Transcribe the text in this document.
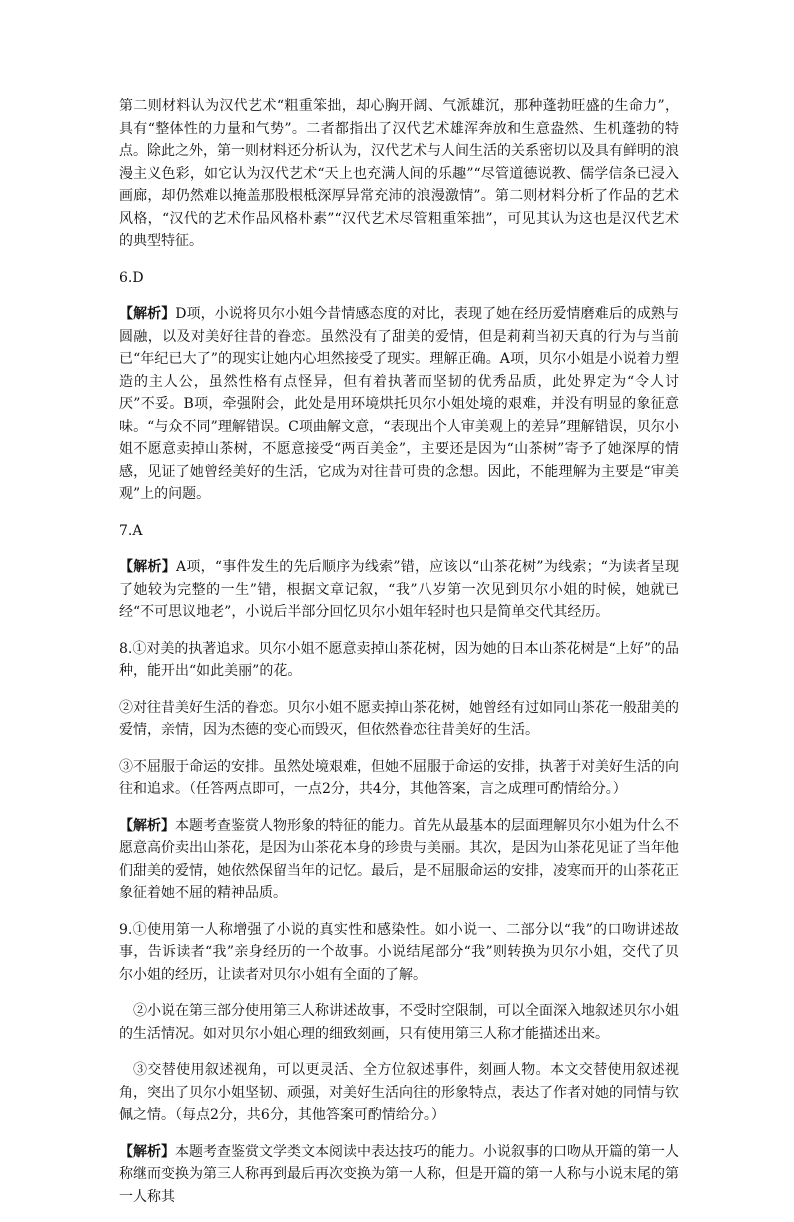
第二则材料认为汉代艺术“粗重笨拙，却心胸开阔、气派雄沉，那种蓬勃旺盛的生命力”，具有“整体性的力量和气势”。二者都指出了汉代艺术雄浑奔放和生意盎然、生机蓬勃的特点。除此之外，第一则材料还分析认为，汉代艺术与人间生活的关系密切以及具有鲜明的浪漫主义色彩，如它认为汉代艺术“天上也充满人间的乐趣”“尽管道德说教、儒学信条已浸入画廊，却仍然难以掩盖那股根柢深厚异常充沛的浪漫激情”。第二则材料分析了作品的艺术风格，“汉代的艺术作品风格朴素”“汉代艺术尽管粗重笨拙”，可见其认为这也是汉代艺术的典型特征。

6.D

【解析】D项，小说将贝尔小姐今昔情感态度的对比，表现了她在经历爱情磨难后的成熟与圆融，以及对美好往昔的眷恋。虽然没有了甜美的爱情，但是莉莉当初天真的行为与当前已“年纪已大了”的现实让她内心坦然接受了现实。理解正确。A项，贝尔小姐是小说着力塑造的主人公，虽然性格有点怪异，但有着执著而坚韧的优秀品质，此处界定为“令人讨厌”不妥。B项，牵强附会，此处是用环境烘托贝尔小姐处境的艰难，并没有明显的象征意味。“与众不同”理解错误。C项曲解文意，“表现出个人审美观上的差异”理解错误，贝尔小姐不愿意卖掉山茶树，不愿意接受“两百美金”，主要还是因为“山茶树”寄予了她深厚的情感，见证了她曾经美好的生活，它成为对往昔可贵的念想。因此，不能理解为主要是“审美观”上的问题。

7.A

【解析】A项，“事件发生的先后顺序为线索”错，应该以“山茶花树”为线索；“为读者呈现了她较为完整的一生”错，根据文章记叙，“我”八岁第一次见到贝尔小姐的时候，她就已经“不可思议地老”，小说后半部分回忆贝尔小姐年轻时也只是简单交代其经历。

8.①对美的执著追求。贝尔小姐不愿意卖掉山茶花树，因为她的日本山茶花树是“上好”的品种，能开出“如此美丽”的花。

②对往昔美好生活的眷恋。贝尔小姐不愿卖掉山茶花树，她曾经有过如同山茶花一般甜美的爱情，亲情，因为杰德的变心而毁灭，但依然眷恋往昔美好的生活。

③不屈服于命运的安排。虽然处境艰难，但她不屈服于命运的安排，执著于对美好生活的向往和追求。（任答两点即可，一点2分，共4分，其他答案，言之成理可酌情给分。）

【解析】本题考查鉴赏人物形象的特征的能力。首先从最基本的层面理解贝尔小姐为什么不愿意高价卖出山茶花，是因为山茶花本身的珍贵与美丽。其次，是因为山茶花见证了当年他们甜美的爱情，她依然保留当年的记忆。最后，是不屈服命运的安排，凌寒而开的山茶花正象征着她不屈的精神品质。

9.①使用第一人称增强了小说的真实性和感染性。如小说一、二部分以“我”的口吻讲述故事，告诉读者“我”亲身经历的一个故事。小说结尾部分“我”则转换为贝尔小姐，交代了贝尔小姐的经历，让读者对贝尔小姐有全面的了解。

②小说在第三部分使用第三人称讲述故事，不受时空限制，可以全面深入地叙述贝尔小姐的生活情况。如对贝尔小姐心理的细致刻画，只有使用第三人称才能描述出来。

③交替使用叙述视角，可以更灵活、全方位叙述事件，刻画人物。本文交替使用叙述视角，突出了贝尔小姐坚韧、顽强，对美好生活向往的形象特点，表达了作者对她的同情与钦佩之情。（每点2分，共6分，其他答案可酌情给分。）

【解析】本题考查鉴赏文学类文本阅读中表达技巧的能力。小说叙事的口吻从开篇的第一人称继而变换为第三人称再到最后再次变换为第一人称，但是开篇的第一人称与小说末尾的第一人称其
